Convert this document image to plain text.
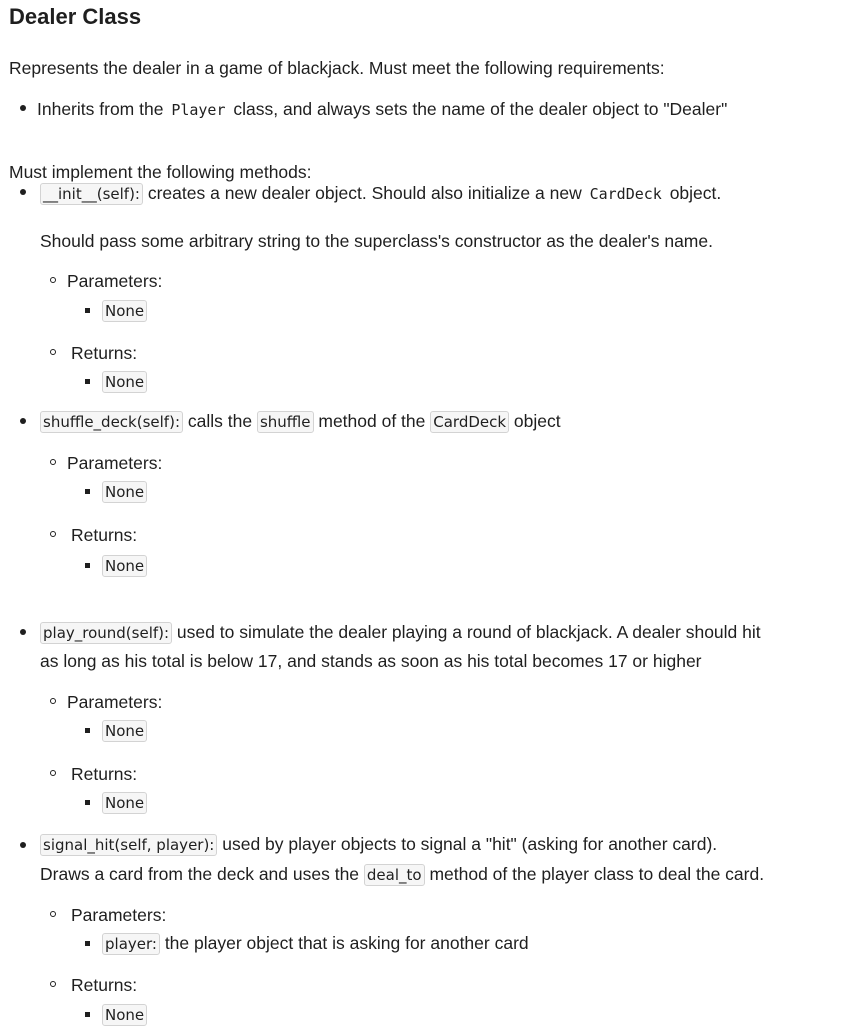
Dealer Class
Represents the dealer in a game of blackjack. Must meet the following requirements:
Inherits from the Player class, and always sets the name of the dealer object to "Dealer"
Must implement the following methods:
__init__(self): creates a new dealer object. Should also initialize a new CardDeck object.
Should pass some arbitrary string to the superclass's constructor as the dealer's name.
Parameters:
None
Returns:
None
shuffle_deck(self): calls the shuffle method of the CardDeck object
Parameters:
None
Returns:
None
play_round(self): used to simulate the dealer playing a round of blackjack. A dealer should hit
as long as his total is below 17, and stands as soon as his total becomes 17 or higher
Parameters:
None
Returns:
None
signal_hit(self, player): used by player objects to signal a "hit" (asking for another card).
Draws a card from the deck and uses the deal_to method of the player class to deal the card.
Parameters:
player: the player object that is asking for another card
Returns:
None
